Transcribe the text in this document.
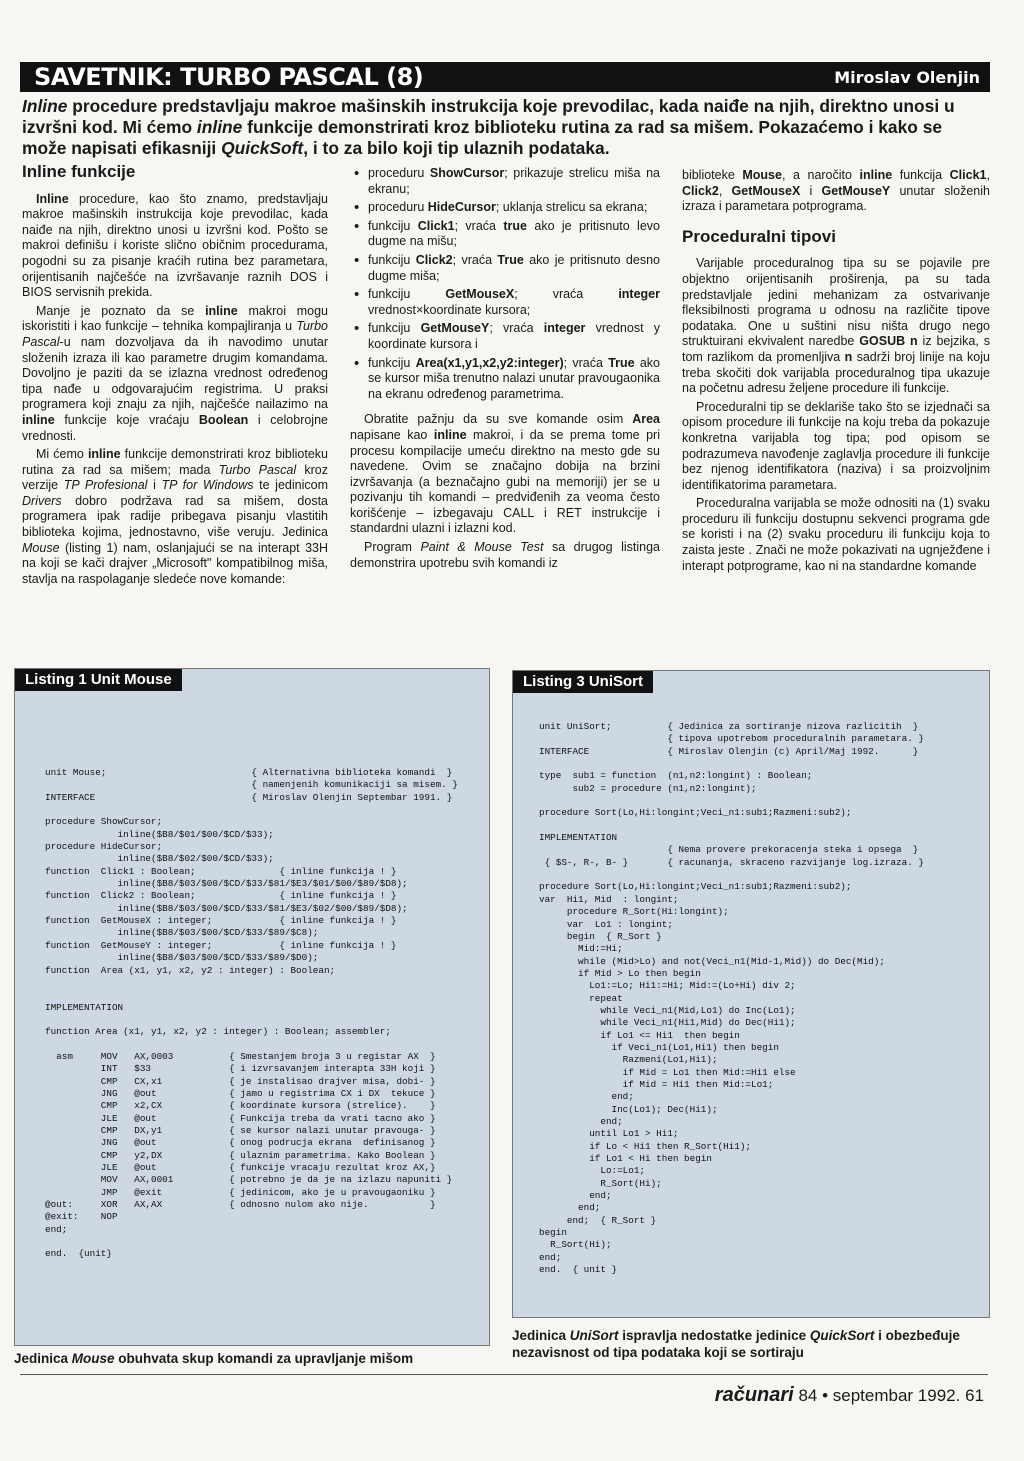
SAVETNIK: TURBO PASCAL (8)	Miroslav Olenjin
Inline procedure predstavljaju makroe mašinskih instrukcija koje prevodilac, kada naiđe na njih, direktno unosi u izvršni kod. Mi ćemo inline funkcije demonstrirati kroz biblioteku rutina za rad sa mišem. Pokazaćemo i kako se može napisati efikasniji QuickSoft, i to za bilo koji tip ulaznih podataka.
Inline funkcije

Inline procedure, kao što znamo, predstavljaju makroe mašinskih instrukcija koje prevodilac, kada naiđe na njih, direktno unosi u izvršni kod. Pošto se makroi definišu i koriste slično običnim procedurama, pogodni su za pisanje kraćih rutina bez parametara, orijentisanih najčešće na izvršavanje raznih DOS i BIOS servisnih prekida.

Manje je poznato da se inline makroi mogu iskoristiti i kao funkcije – tehnika kompajliranja u Turbo Pascal-u nam dozvoljava da ih navodimo unutar složenih izraza ili kao parametre drugim komandama. Dovoljno je paziti da se izlazna vrednost određenog tipa nađe u odgovarajućim registrima. U praksi programera koji znaju za njih, najčešće nailazimo na inline funkcije koje vraćaju Boolean i celobrojne vrednosti.

Mi ćemo inline funkcije demonstrirati kroz biblioteku rutina za rad sa mišem; mada Turbo Pascal kroz verzije TP Profesional i TP for Windows te jedinicom Drivers dobro podržava rad sa mišem, dosta programera ipak radije pribegava pisanju vlastitih biblioteka kojima, jednostavno, više veruju. Jedinica Mouse (listing 1) nam, oslanjajući se na interapt 33H na koji se kači drajver „Microsoft" kompatibilnog miša, stavlja na raspolaganje sledeće nove komande:

• proceduru ShowCursor; prikazuje strelicu miša na ekranu;
• proceduru HideCursor; uklanja strelicu sa ekrana;
• funkciju Click1; vraća true ako je pritisnuto levo dugme na mišu;
• funkciju Click2; vraća True ako je pritisnuto desno dugme miša;
• funkciju GetMouseX; vraća integer vrednost×koordinate kursora;
• funkciju GetMouseY; vraća integer vrednost y koordinate kursora i
• funkciju Area(x1,y1,x2,y2:integer); vraća True ako se kursor miša trenutno nalazi unutar pravougaonika na ekranu određenog parametrima.

Obratite pažnju da su sve komande osim Area napisane kao inline makroi, i da se prema tome pri procesu kompilacije umeću direktno na mesto gde su navedene. Ovim se značajno dobija na brzini izvršavanja (a beznačajno gubi na memoriji) jer se u pozivanju tih komandi – predviđenih za veoma često korišćenje – izbegavaju CALL i RET instrukcije i standardni ulazni i izlazni kod.

Program Paint & Mouse Test sa drugog listinga demonstrira upotrebu svih komandi iz

biblioteke Mouse, a naročito inline funkcija Click1, Click2, GetMouseX i GetMouseY unutar složenih izraza i parametara potprograma.

Proceduralni tipovi

Varijable proceduralnog tipa su se pojavile pre objektno orijentisanih proširenja, pa su tada predstavljale jedini mehanizam za ostvarivanje fleksibilnosti programa u odnosu na različite tipove podataka. One u suštini nisu ništa drugo nego struktuirani ekvivalent naredbe GOSUB n iz bejzika, s tom razlikom da promenljiva n sadrži broj linije na koju treba skočiti dok varijabla proceduralnog tipa ukazuje na početnu adresu željene procedure ili funkcije.

Proceduralni tip se deklariše tako što se izjednači sa opisom procedure ili funkcije na koju treba da pokazuje konkretna varijabla tog tipa; pod opisom se podrazumeva navođenje zaglavlja procedure ili funkcije bez njenog identifikatora (naziva) i sa proizvoljnim identifikatorima parametara.

Proceduralna varijabla se može odnositi na (1) svaku proceduru ili funkciju dostupnu sekvenci programa gde se koristi i na (2) svaku proceduru ili funkciju koja to zaista jeste . Znači ne može pokazivati na ugnježđene i interapt potprograme, kao ni na standardne komande

Listing 1 Unit Mouse
unit Mouse;                          { Alternativna biblioteka komandi  }
{ namenjenih komunikaciji sa misem. }
INTERFACE                            { Miroslav Olenjin Septembar 1991. }

procedure ShowCursor;
inline($B8/$01/$00/$CD/$33);
procedure HideCursor;
inline($B8/$02/$00/$CD/$33);
function  Click1 : Boolean;               { inline funkcija ! }
inline($B8/$03/$00/$CD/$33/$81/$E3/$01/$00/$89/$D8);
function  Click2 : Boolean;               { inline funkcija ! }
inline($B8/$03/$00/$CD/$33/$81/$E3/$02/$00/$89/$D8);
function  GetMouseX : integer;            { inline funkcija ! }
inline($B8/$03/$00/$CD/$33/$89/$C8);
function  GetMouseY : integer;            { inline funkcija ! }
inline($B8/$03/$00/$CD/$33/$89/$D0);
function  Area (x1, y1, x2, y2 : integer) : Boolean;

IMPLEMENTATION

function Area (x1, y1, x2, y2 : integer) : Boolean; assembler;

asm     MOV   AX,0003          { Smestanjem broja 3 u registar AX  }
INT   $33              { i izvrsavanjem interapta 33H koji }
CMP   CX,x1            { je instalisao drajver misa, dobi- }
JNG   @out             { jamo u registrima CX i DX  tekuce }
CMP   x2,CX            { koordinate kursora (strelice).    }
JLE   @out             { Funkcija treba da vrati tacno ako }
CMP   DX,y1            { se kursor nalazi unutar pravouga- }
JNG   @out             { onog podrucja ekrana  definisanog }
CMP   y2,DX            { ulaznim parametrima. Kako Boolean }
JLE   @out             { funkcije vracaju rezultat kroz AX,}
MOV   AX,0001          { potrebno je da je na izlazu napuniti }
JMP   @exit            { jedinicom, ako je u pravougaoniku }
@out:     XOR   AX,AX            { odnosno nulom ako nije.           }
@exit:    NOP
end;

end.  {unit}
Jedinica Mouse obuhvata skup komandi za upravljanje mišom
Listing 3 UniSort
unit UniSort;          { Jedinica za sortiranje nizova razlicitih  }
{ tipova upotrebom proceduralnih parametara. }
INTERFACE              { Miroslav Olenjin (c) April/Maj 1992.      }

type  sub1 = function  (n1,n2:longint) : Boolean;
sub2 = procedure (n1,n2:longint);

procedure Sort(Lo,Hi:longint;Veci_n1:sub1;Razmeni:sub2);

IMPLEMENTATION
{ Nema provere prekoracenja steka i opsega  }
{ $S-, R-, B- }       { racunanja, skraceno razvijanje log.izraza. }

procedure Sort(Lo,Hi:longint;Veci_n1:sub1;Razmeni:sub2);
var  Hi1, Mid  : longint;
procedure R_Sort(Hi:longint);
var  Lo1 : longint;
begin  { R_Sort }
Mid:=Hi;
while (Mid>Lo) and not(Veci_n1(Mid-1,Mid)) do Dec(Mid);
if Mid > Lo then begin
Lo1:=Lo; Hi1:=Hi; Mid:=(Lo+Hi) div 2;
repeat
while Veci_n1(Mid,Lo1) do Inc(Lo1);
while Veci_n1(Hi1,Mid) do Dec(Hi1);
if Lo1 <= Hi1  then begin
if Veci_n1(Lo1,Hi1) then begin
Razmeni(Lo1,Hi1);
if Mid = Lo1 then Mid:=Hi1 else
if Mid = Hi1 then Mid:=Lo1;
end;
Inc(Lo1); Dec(Hi1);
end;
until Lo1 > Hi1;
if Lo < Hi1 then R_Sort(Hi1);
if Lo1 < Hi then begin
Lo:=Lo1;
R_Sort(Hi);
end;
end;
end;  { R_Sort }
begin
R_Sort(Hi);
end;
end.  { unit }
Jedinica UniSort ispravlja nedostatke jedinice QuickSort i obezbeđuje nezavisnost od tipa podataka koji se sortiraju
računari 84 • septembar 1992. 61
